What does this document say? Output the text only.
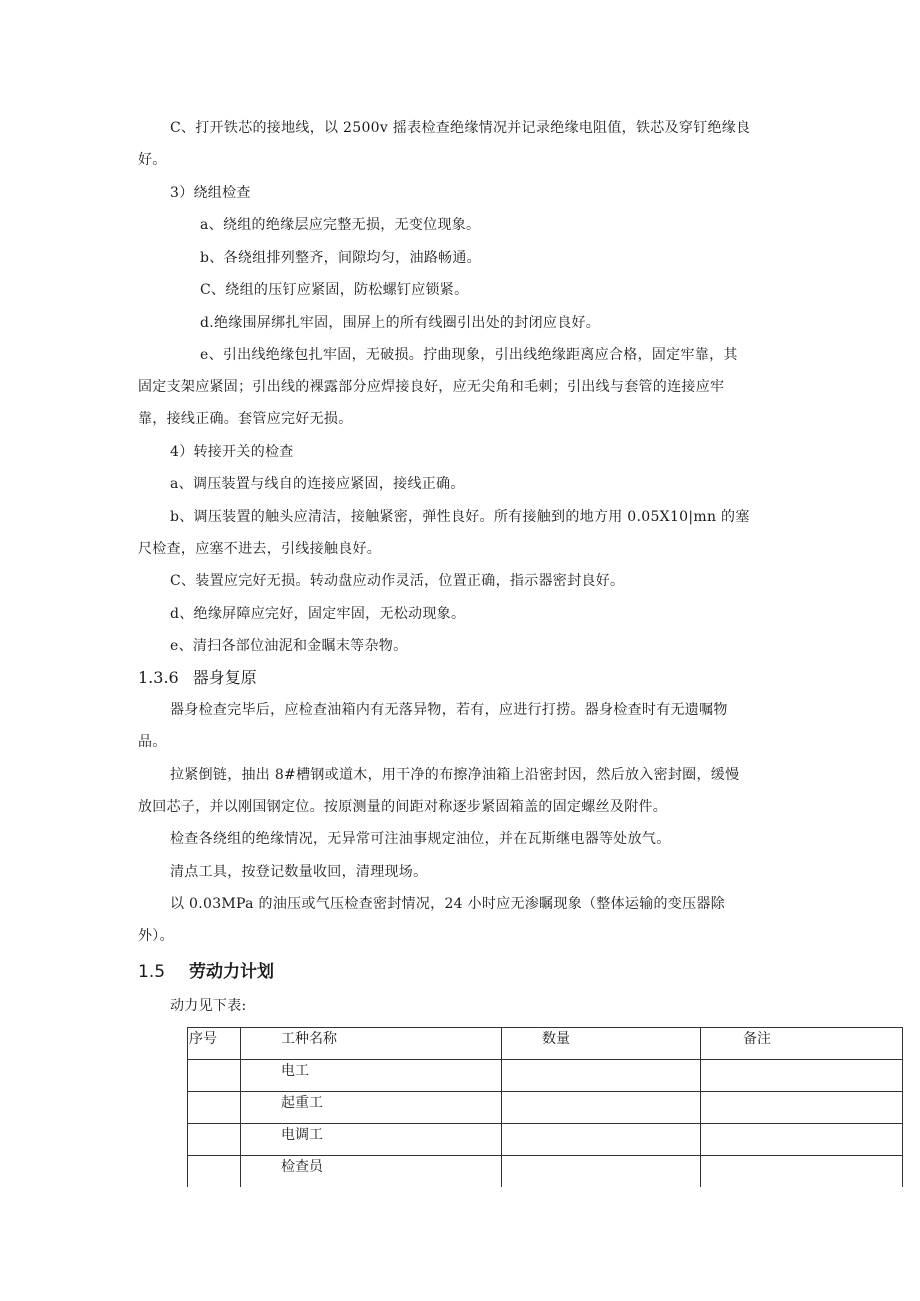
C、打开铁芯的接地线，以 2500v 摇表检查绝缘情况并记录绝缘电阻值，铁芯及穿钉绝缘良
好。
3）绕组检查
a、绕组的绝缘层应完整无损，无变位现象。
b、各绕组排列整齐，间隙均匀，油路畅通。
C、绕组的压钉应紧固，防松螺钉应锁紧。
d.绝缘围屏绑扎牢固，围屏上的所有线圈引出处的封闭应良好。
e、引出线绝缘包扎牢固，无破损。拧曲现象，引出线绝缘距离应合格，固定牢靠，其
固定支架应紧固；引出线的裸露部分应焊接良好，应无尖角和毛刺；引出线与套管的连接应牢
靠，接线正确。套管应完好无损。
4）转接开关的检查
a、调压装置与线自的连接应紧固，接线正确。
b、调压装置的触头应清洁，接触紧密，弹性良好。所有接触到的地方用 0.05X10|mn 的塞
尺检查，应塞不进去，引线接触良好。
C、装置应完好无损。转动盘应动作灵活，位置正确，指示器密封良好。
d、绝缘屏障应完好，固定牢固，无松动现象。
e、清扫各部位油泥和金瞩末等杂物。
1.3.6 器身复原
器身检查完毕后，应检查油箱内有无落异物，若有，应进行打捞。器身检查时有无遗嘱物
品。
拉紧倒链，抽出 8#槽钢或道木，用干净的布擦净油箱上沿密封因，然后放入密封圈，缓慢
放回芯子，并以刚国钢定位。按原测量的间距对称逐步紧固箱盖的固定螺丝及附件。
检查各绕组的绝缘情况，无异常可注油事规定油位，并在瓦斯继电器等处放气。
清点工具，按登记数量收回，清理现场。
以 0.03MPa 的油压或气压检查密封情况，24 小时应无渗瞩现象（整体运输的变压器除
外）。
1.5 劳动力计划
动力见下表:
序号	工种名称	数量	备注
	电工		
	起重工		
	电调工		
	检查员		
